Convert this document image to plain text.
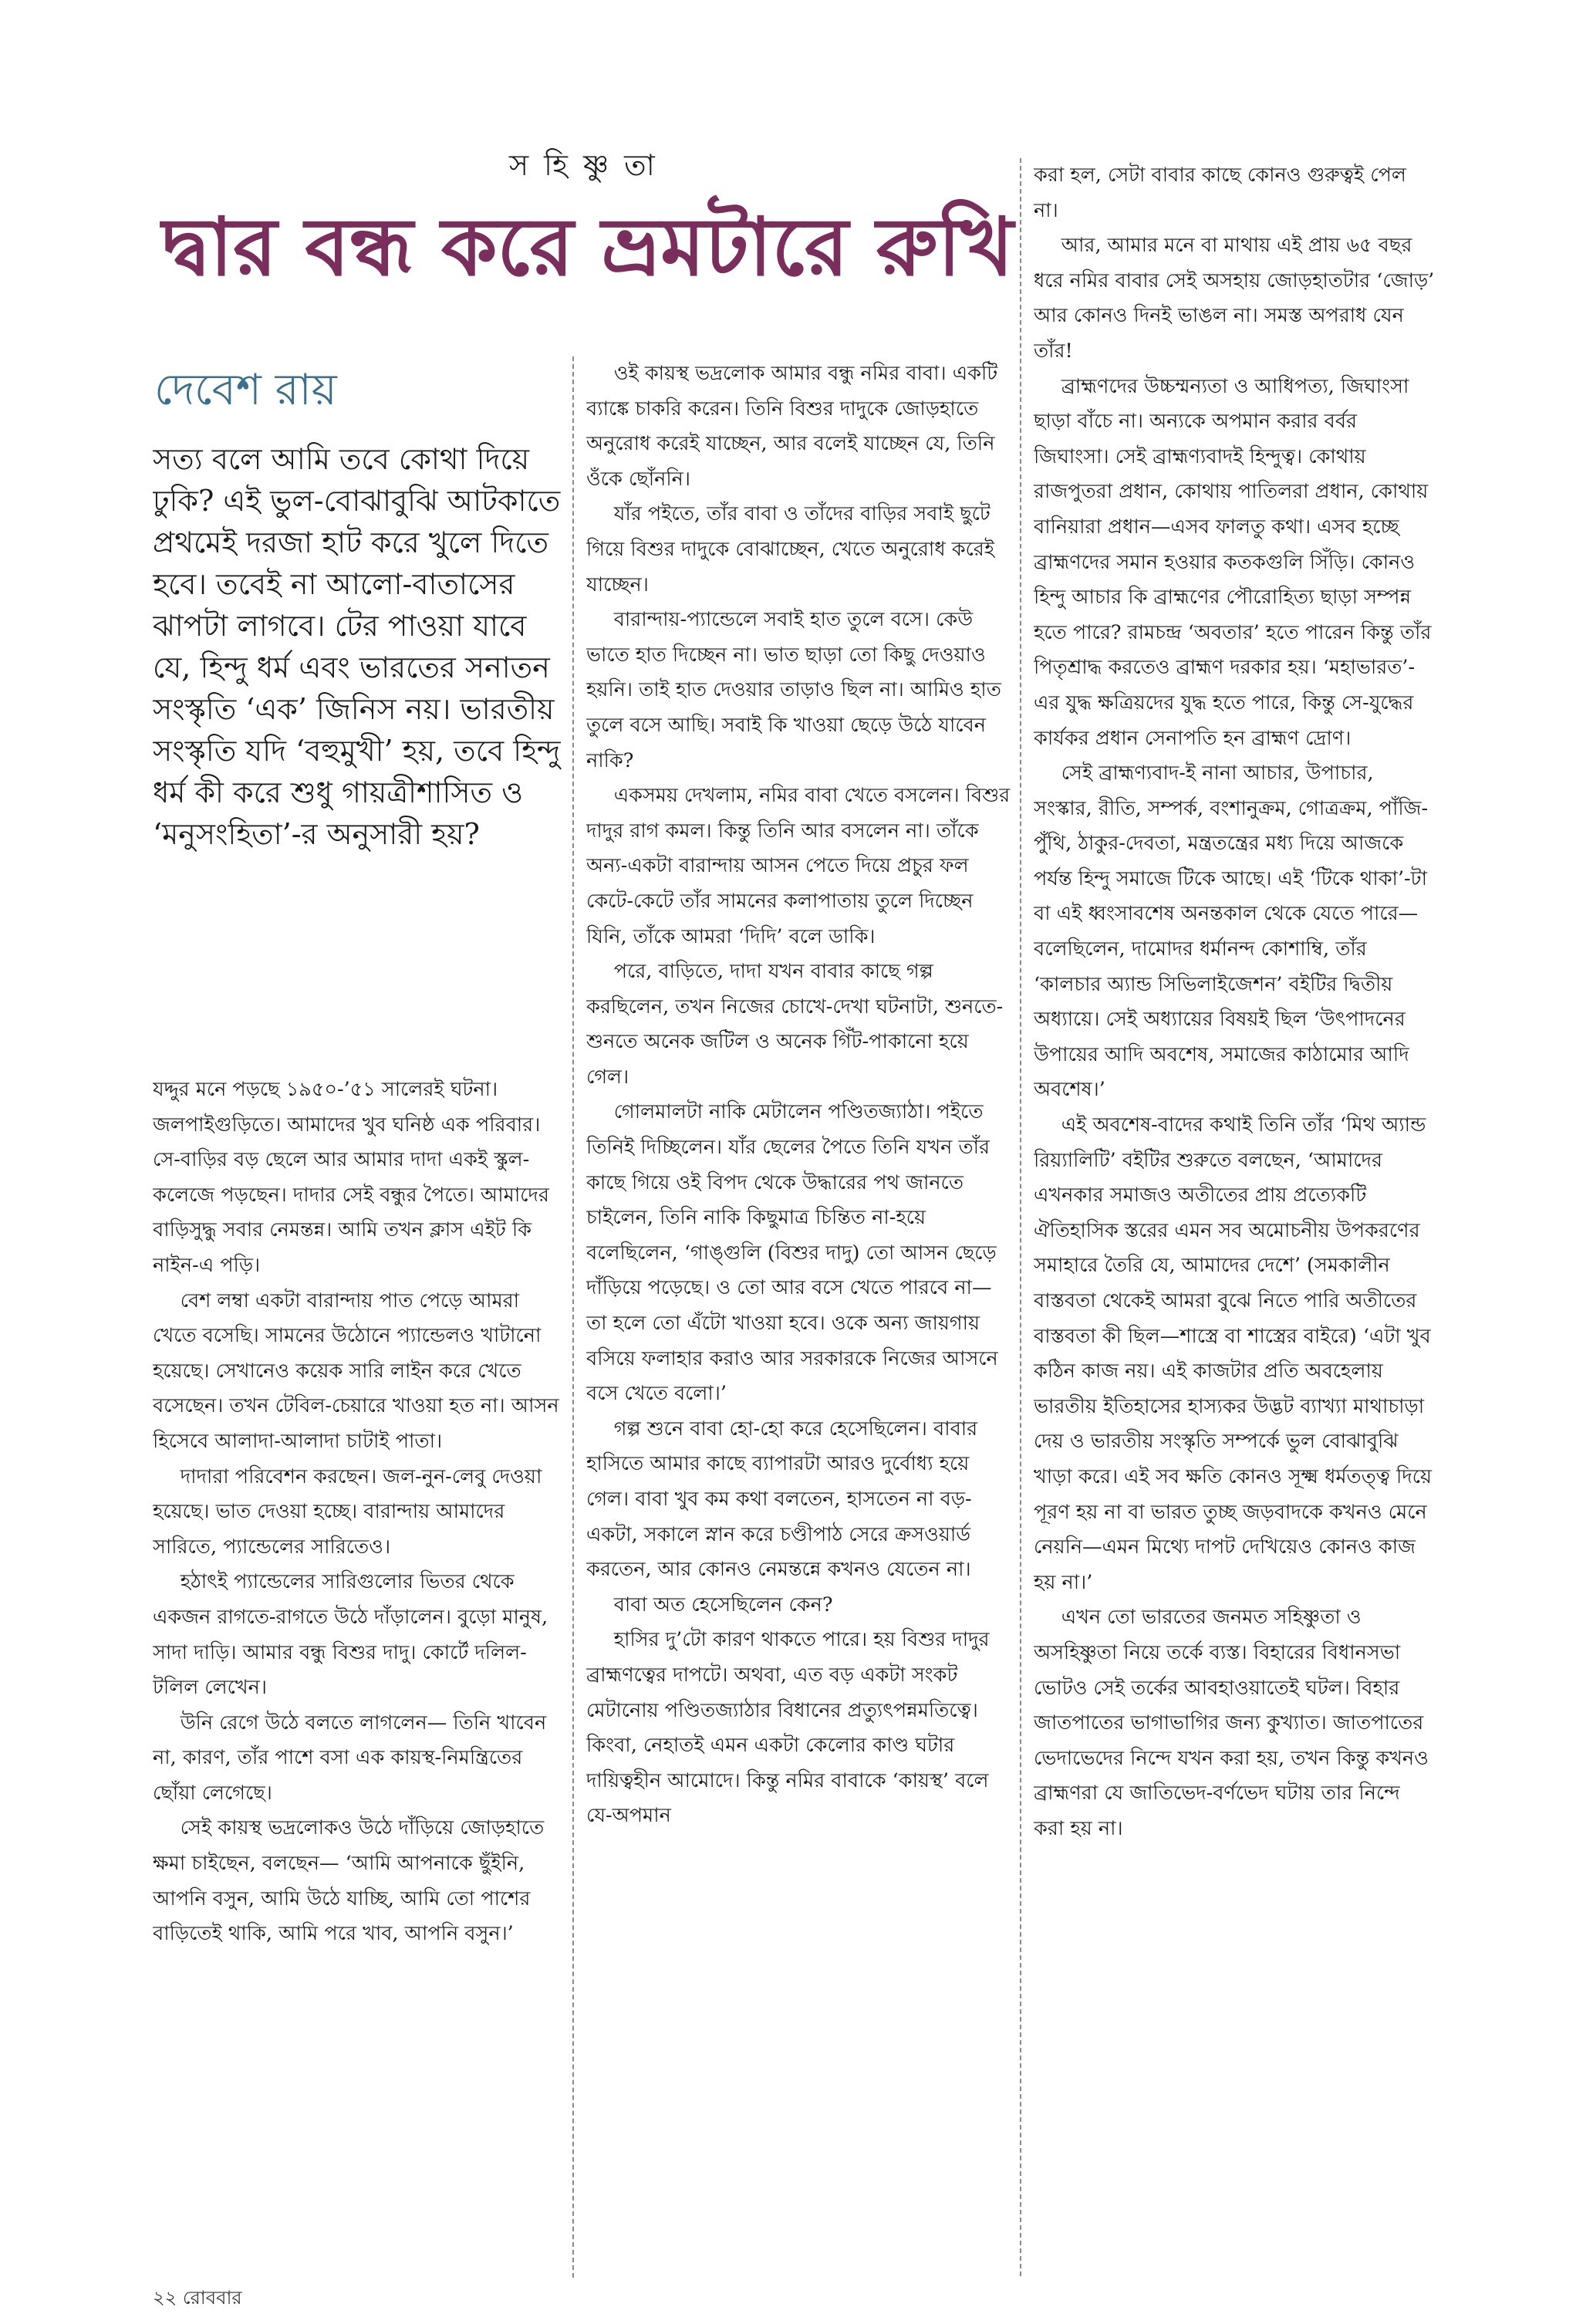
স হি ষ্ণু তা
দ্বার বন্ধ করে ভ্রমটারে রুখি
দেবেশ রায়
সত্য বলে আমি তবে কোথা দিয়ে ঢুকি? এই ভুল-বোঝাবুঝি আটকাতে প্রথমেই দরজা হাট করে খুলে দিতে হবে। তবেই না আলো-বাতাসের ঝাপটা লাগবে। টের পাওয়া যাবে যে, হিন্দু ধর্ম এবং ভারতের সনাতন সংস্কৃতি ‘এক’ জিনিস নয়। ভারতীয় সংস্কৃতি যদি ‘বহুমুখী’ হয়, তবে হিন্দু ধর্ম কী করে শুধু গায়ত্রীশাসিত ও ‘মনুসংহিতা’-র অনুসারী হয়?

যদ্দুর মনে পড়ছে ১৯৫০-’৫১ সালেরই ঘটনা। জলপাইগুড়িতে। আমাদের খুব ঘনিষ্ঠ এক পরিবার। সে-বাড়ির বড় ছেলে আর আমার দাদা একই স্কুল-কলেজে পড়ছেন। দাদার সেই বন্ধুর পৈতে। আমাদের বাড়িসুদ্ধু সবার নেমন্তন্ন। আমি তখন ক্লাস এইট কি নাইন-এ পড়ি।

বেশ লম্বা একটা বারান্দায় পাত পেড়ে আমরা খেতে বসেছি। সামনের উঠোনে প্যান্ডেলও খাটানো হয়েছে। সেখানেও কয়েক সারি লাইন করে খেতে বসেছেন। তখন টেবিল-চেয়ারে খাওয়া হত না। আসন হিসেবে আলাদা-আলাদা চাটাই পাতা।

দাদারা পরিবেশন করছেন। জল-নুন-লেবু দেওয়া হয়েছে। ভাত দেওয়া হচ্ছে। বারান্দায় আমাদের সারিতে, প্যান্ডেলের সারিতেও।

হঠাৎই প্যান্ডেলের সারিগুলোর ভিতর থেকে একজন রাগতে-রাগতে উঠে দাঁড়ালেন। বুড়ো মানুষ, সাদা দাড়ি। আমার বন্ধু বিশুর দাদু। কোর্টে দলিল-টলিল লেখেন।

উনি রেগে উঠে বলতে লাগলেন— তিনি খাবেন না, কারণ, তাঁর পাশে বসা এক কায়স্থ-নিমন্ত্রিতের ছোঁয়া লেগেছে।

সেই কায়স্থ ভদ্রলোকও উঠে দাঁড়িয়ে জোড়হাতে ক্ষমা চাইছেন, বলছেন— ‘আমি আপনাকে ছুঁইনি, আপনি বসুন, আমি উঠে যাচ্ছি, আমি তো পাশের বাড়িতেই থাকি, আমি পরে খাব, আপনি বসুন।’

ওই কায়স্থ ভদ্রলোক আমার বন্ধু নমির বাবা। একটি ব্যাঙ্কে চাকরি করেন। তিনি বিশুর দাদুকে জোড়হাতে অনুরোধ করেই যাচ্ছেন, আর বলেই যাচ্ছেন যে, তিনি ওঁকে ছোঁননি।

যাঁর পইতে, তাঁর বাবা ও তাঁদের বাড়ির সবাই ছুটে গিয়ে বিশুর দাদুকে বোঝাচ্ছেন, খেতে অনুরোধ করেই যাচ্ছেন।

বারান্দায়-প্যান্ডেলে সবাই হাত তুলে বসে। কেউ ভাতে হাত দিচ্ছেন না। ভাত ছাড়া তো কিছু দেওয়াও হয়নি। তাই হাত দেওয়ার তাড়াও ছিল না। আমিও হাত তুলে বসে আছি। সবাই কি খাওয়া ছেড়ে উঠে যাবেন নাকি?

একসময় দেখলাম, নমির বাবা খেতে বসলেন। বিশুর দাদুর রাগ কমল। কিন্তু তিনি আর বসলেন না। তাঁকে অন্য-একটা বারান্দায় আসন পেতে দিয়ে প্রচুর ফল কেটে-কেটে তাঁর সামনের কলাপাতায় তুলে দিচ্ছেন যিনি, তাঁকে আমরা ‘দিদি’ বলে ডাকি।

পরে, বাড়িতে, দাদা যখন বাবার কাছে গল্প করছিলেন, তখন নিজের চোখে-দেখা ঘটনাটা, শুনতে-শুনতে অনেক জটিল ও অনেক গিঁট-পাকানো হয়ে গেল।

গোলমালটা নাকি মেটালেন পণ্ডিতজ্যাঠা। পইতে তিনিই দিচ্ছিলেন। যাঁর ছেলের পৈতে তিনি যখন তাঁর কাছে গিয়ে ওই বিপদ থেকে উদ্ধারের পথ জানতে চাইলেন, তিনি নাকি কিছুমাত্র চিন্তিত না-হয়ে বলেছিলেন, ‘গাঙ্গুলি (বিশুর দাদু) তো আসন ছেড়ে দাঁড়িয়ে পড়েছে। ও তো আর বসে খেতে পারবে না—তা হলে তো এঁটো খাওয়া হবে। ওকে অন্য জায়গায় বসিয়ে ফলাহার করাও আর সরকারকে নিজের আসনে বসে খেতে বলো।’

গল্প শুনে বাবা হো-হো করে হেসেছিলেন। বাবার হাসিতে আমার কাছে ব্যাপারটা আরও দুর্বোধ্য হয়ে গেল। বাবা খুব কম কথা বলতেন, হাসতেন না বড়-একটা, সকালে স্নান করে চণ্ডীপাঠ সেরে ক্রসওয়ার্ড করতেন, আর কোনও নেমন্তন্নে কখনও যেতেন না।

বাবা অত হেসেছিলেন কেন?

হাসির দু’টো কারণ থাকতে পারে। হয় বিশুর দাদুর ব্রাহ্মণত্বের দাপটে। অথবা, এত বড় একটা সংকট মেটানোয় পণ্ডিতজ্যাঠার বিধানের প্রত্যুৎপন্নমতিত্বে। কিংবা, নেহাতই এমন একটা কেলোর কাণ্ড ঘটার দায়িত্বহীন আমোদে। কিন্তু নমির বাবাকে ‘কায়স্থ’ বলে যে-অপমান

করা হল, সেটা বাবার কাছে কোনও গুরুত্বই পেল না।

আর, আমার মনে বা মাথায় এই প্রায় ৬৫ বছর ধরে নমির বাবার সেই অসহায় জোড়হাতটার ‘জোড়’ আর কোনও দিনই ভাঙল না। সমস্ত অপরাধ যেন তাঁর!

ব্রাহ্মণদের উচ্চম্মন্যতা ও আধিপত্য, জিঘাংসা ছাড়া বাঁচে না। অন্যকে অপমান করার বর্বর জিঘাংসা। সেই ব্রাহ্মণ্যবাদই হিন্দুত্ব। কোথায় রাজপুতরা প্রধান, কোথায় পাতিলরা প্রধান, কোথায় বানিয়ারা প্রধান—এসব ফালতু কথা। এসব হচ্ছে ব্রাহ্মণদের সমান হওয়ার কতকগুলি সিঁড়ি। কোনও হিন্দু আচার কি ব্রাহ্মণের পৌরোহিত্য ছাড়া সম্পন্ন হতে পারে? রামচন্দ্র ‘অবতার’ হতে পারেন কিন্তু তাঁর পিতৃশ্রাদ্ধ করতেও ব্রাহ্মণ দরকার হয়। ‘মহাভারত’-এর যুদ্ধ ক্ষত্রিয়দের যুদ্ধ হতে পারে, কিন্তু সে-যুদ্ধের কার্যকর প্রধান সেনাপতি হন ব্রাহ্মণ দ্রোণ।

সেই ব্রাহ্মণ্যবাদ-ই নানা আচার, উপাচার, সংস্কার, রীতি, সম্পর্ক, বংশানুক্রম, গোত্রক্রম, পাঁজি-পুঁথি, ঠাকুর-দেবতা, মন্ত্রতন্ত্রের মধ্য দিয়ে আজকে পর্যন্ত হিন্দু সমাজে টিকে আছে। এই ‘টিকে থাকা’-টা বা এই ধ্বংসাবশেষ অনন্তকাল থেকে যেতে পারে—বলেছিলেন, দামোদর ধর্মানন্দ কোশাম্বি, তাঁর ‘কালচার অ্যান্ড সিভিলাইজেশন’ বইটির দ্বিতীয় অধ্যায়ে। সেই অধ্যায়ের বিষয়ই ছিল ‘উৎপাদনের উপায়ের আদি অবশেষ, সমাজের কাঠামোর আদি অবশেষ।’

এই অবশেষ-বাদের কথাই তিনি তাঁর ‘মিথ অ্যান্ড রিয়্যালিটি’ বইটির শুরুতে বলছেন, ‘আমাদের এখনকার সমাজও অতীতের প্রায় প্রত্যেকটি ঐতিহাসিক স্তরের এমন সব অমোচনীয় উপকরণের সমাহারে তৈরি যে, আমাদের দেশে’ (সমকালীন বাস্তবতা থেকেই আমরা বুঝে নিতে পারি অতীতের বাস্তবতা কী ছিল—শাস্ত্রে বা শাস্ত্রের বাইরে) ‘এটা খুব কঠিন কাজ নয়। এই কাজটার প্রতি অবহেলায় ভারতীয় ইতিহাসের হাস্যকর উদ্ভট ব্যাখ্যা মাথাচাড়া দেয় ও ভারতীয় সংস্কৃতি সম্পর্কে ভুল বোঝাবুঝি খাড়া করে। এই সব ক্ষতি কোনও সূক্ষ্ম ধর্মতত্ত্ব দিয়ে পূরণ হয় না বা ভারত তুচ্ছ জড়বাদকে কখনও মেনে নেয়নি—এমন মিথ্যে দাপট দেখিয়েও কোনও কাজ হয় না।’

এখন তো ভারতের জনমত সহিষ্ণুতা ও অসহিষ্ণুতা নিয়ে তর্কে ব্যস্ত। বিহারের বিধানসভা ভোটও সেই তর্কের আবহাওয়াতেই ঘটল। বিহার জাতপাতের ভাগাভাগির জন্য কুখ্যাত। জাতপাতের ভেদাভেদের নিন্দে যখন করা হয়, তখন কিন্তু কখনও ব্রাহ্মণরা যে জাতিভেদ-বর্ণভেদ ঘটায় তার নিন্দে করা হয় না।

২২ রোববার
